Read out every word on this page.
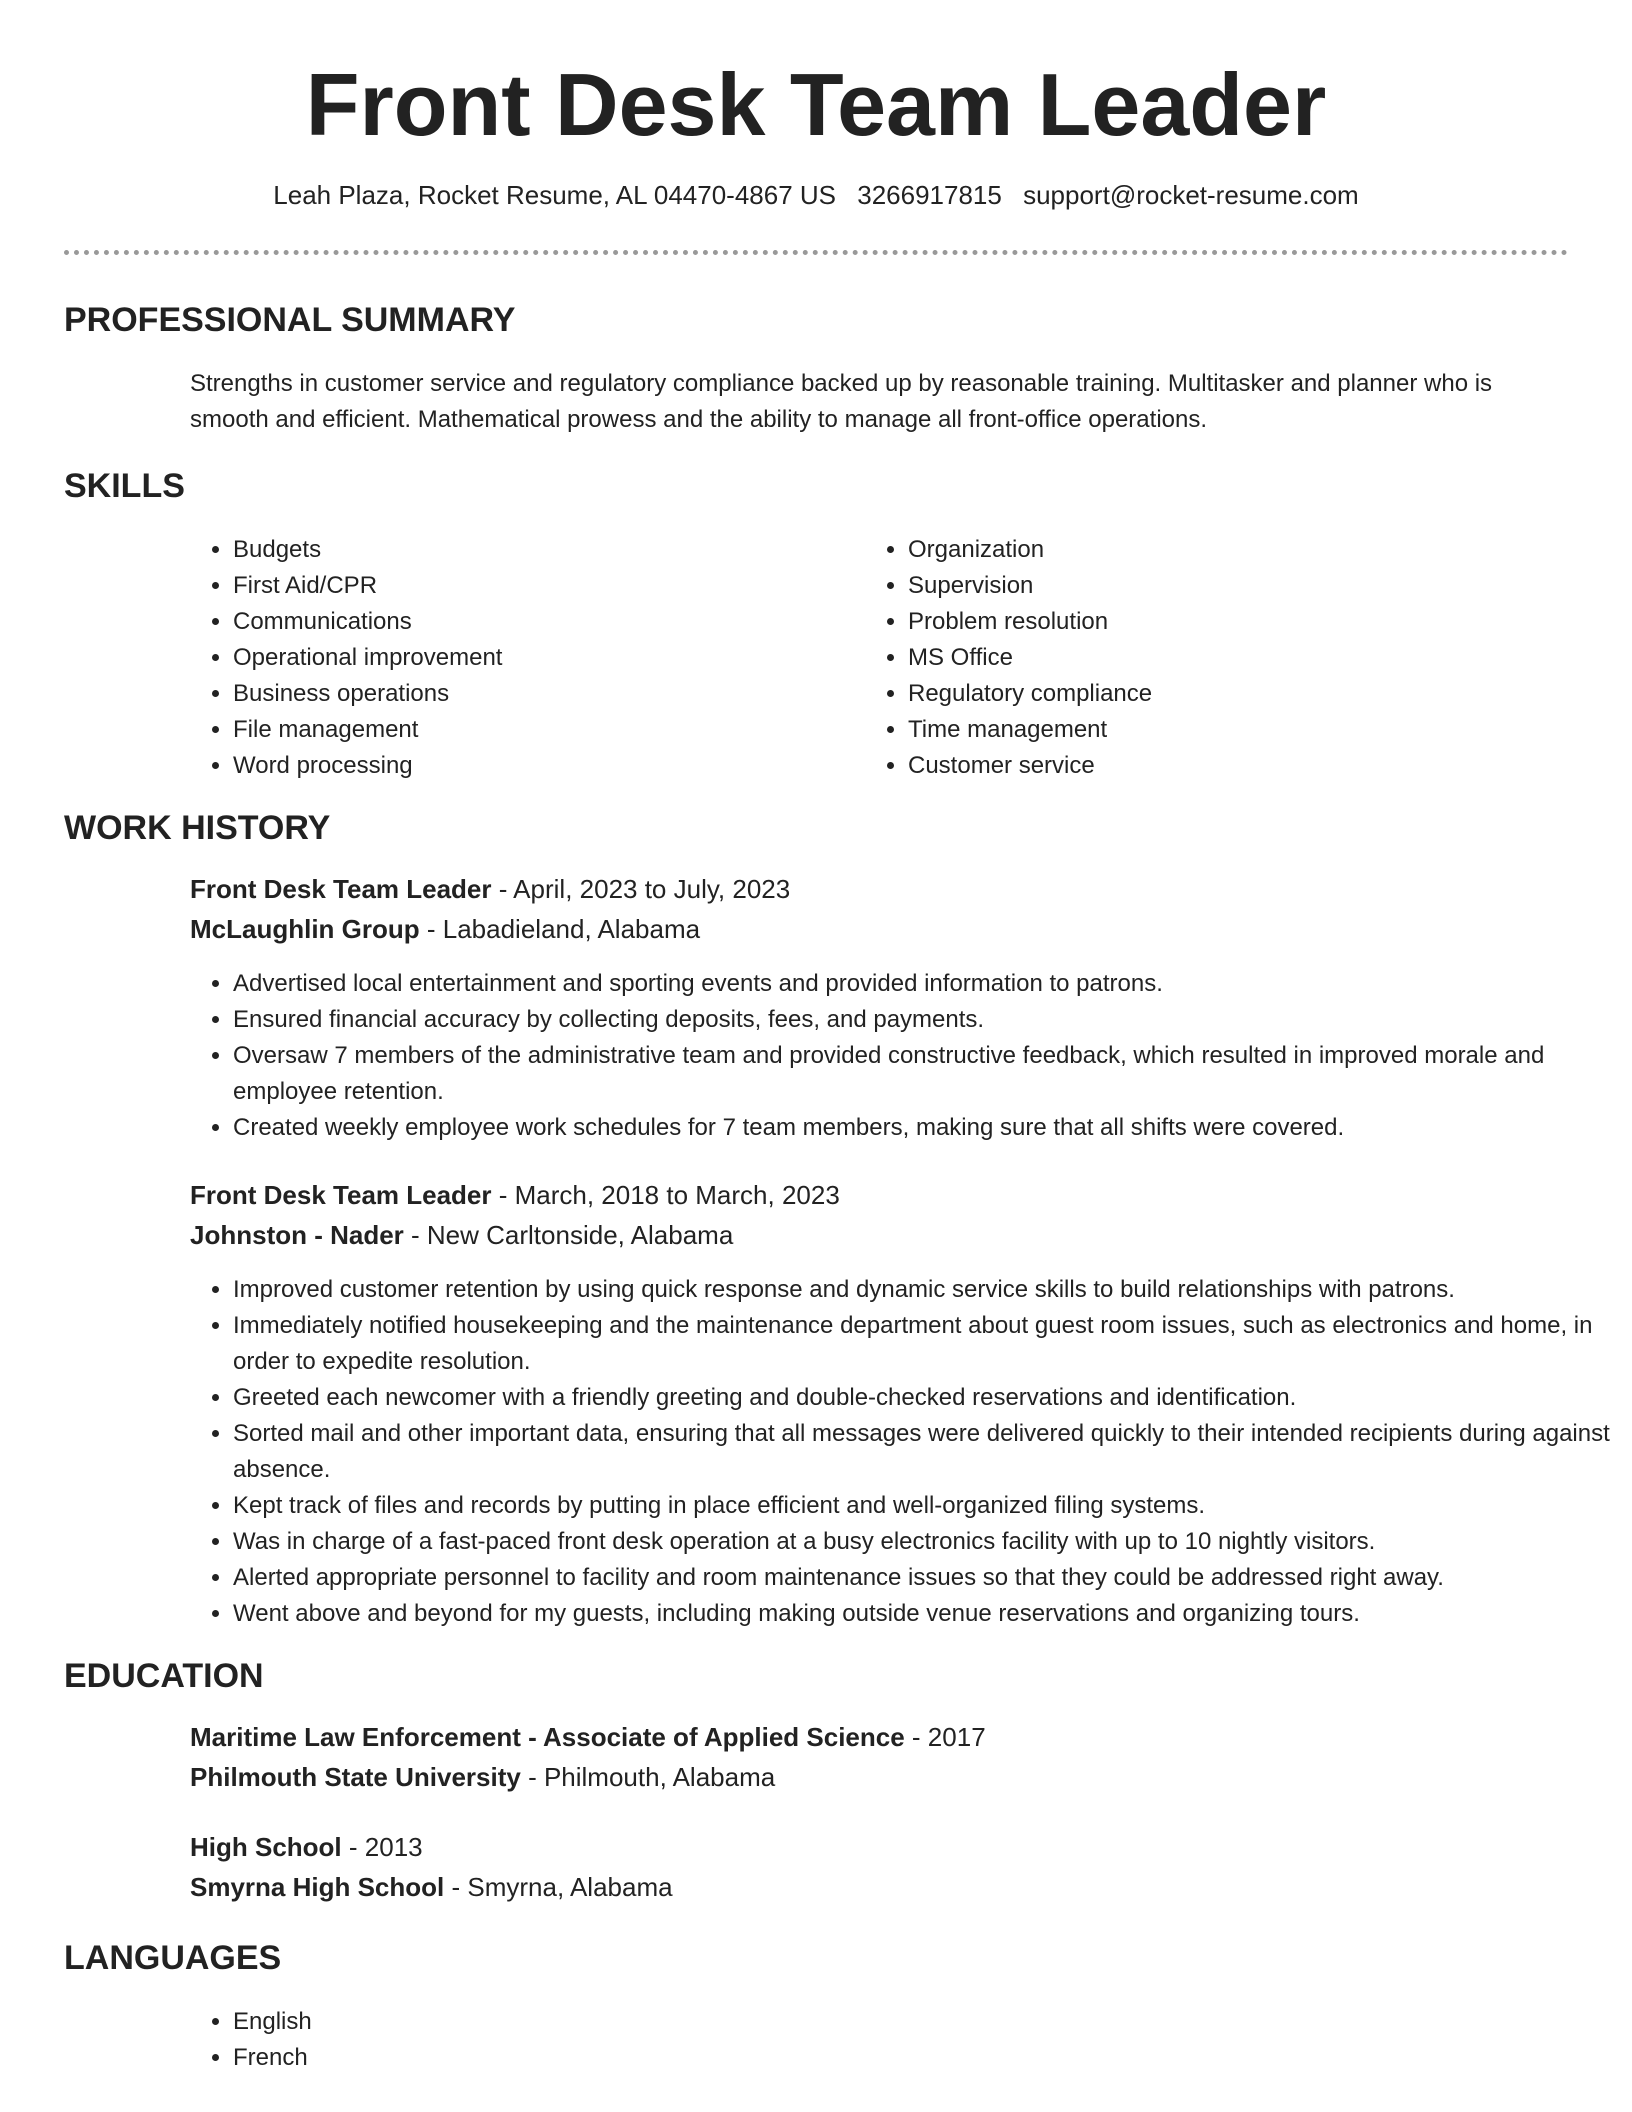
Front Desk Team Leader
Leah Plaza, Rocket Resume, AL 04470-4867 US 3266917815 support@rocket-resume.com
PROFESSIONAL SUMMARY

Strengths in customer service and regulatory compliance backed up by reasonable training. Multitasker and planner who is smooth and efficient. Mathematical prowess and the ability to manage all front-office operations.

SKILLS
• Budgets
• First Aid/CPR
• Communications
• Operational improvement
• Business operations
• File management
• Word processing
• Organization
• Supervision
• Problem resolution
• MS Office
• Regulatory compliance
• Time management
• Customer service
WORK HISTORY
Front Desk Team Leader - April, 2023 to July, 2023
McLaughlin Group - Labadieland, Alabama
• Advertised local entertainment and sporting events and provided information to patrons.
• Ensured financial accuracy by collecting deposits, fees, and payments.
• Oversaw 7 members of the administrative team and provided constructive feedback, which resulted in improved morale and employee retention.
• Created weekly employee work schedules for 7 team members, making sure that all shifts were covered.
Front Desk Team Leader - March, 2018 to March, 2023
Johnston - Nader - New Carltonside, Alabama
• Improved customer retention by using quick response and dynamic service skills to build relationships with patrons.
• Immediately notified housekeeping and the maintenance department about guest room issues, such as electronics and home, in order to expedite resolution.
• Greeted each newcomer with a friendly greeting and double-checked reservations and identification.
• Sorted mail and other important data, ensuring that all messages were delivered quickly to their intended recipients during against absence.
• Kept track of files and records by putting in place efficient and well-organized filing systems.
• Was in charge of a fast-paced front desk operation at a busy electronics facility with up to 10 nightly visitors.
• Alerted appropriate personnel to facility and room maintenance issues so that they could be addressed right away.
• Went above and beyond for my guests, including making outside venue reservations and organizing tours.
EDUCATION
Maritime Law Enforcement - Associate of Applied Science - 2017
Philmouth State University - Philmouth, Alabama
High School - 2013
Smyrna High School - Smyrna, Alabama
LANGUAGES
• English
• French
